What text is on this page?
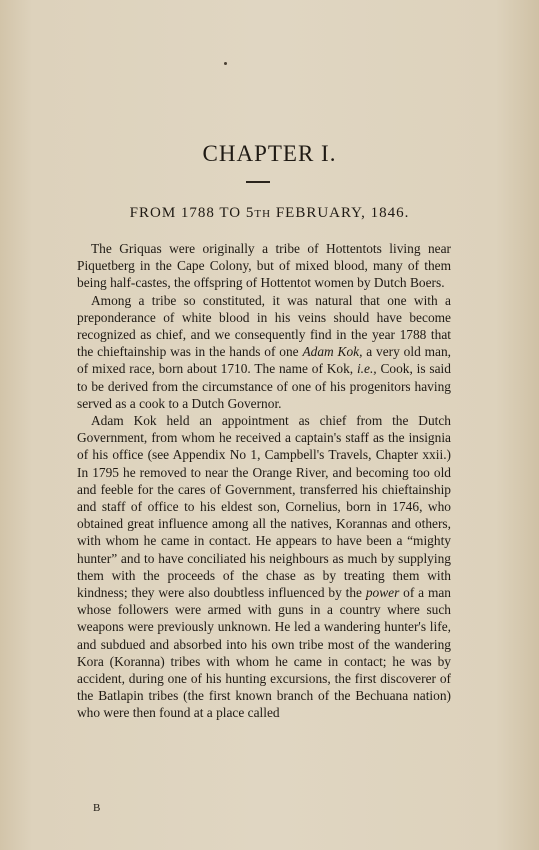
CHAPTER I.
FROM 1788 TO 5TH FEBRUARY, 1846.

The Griquas were originally a tribe of Hottentots living near Piquetberg in the Cape Colony, but of mixed blood, many of them being half-castes, the offspring of Hottentot women by Dutch Boers.

Among a tribe so constituted, it was natural that one with a preponderance of white blood in his veins should have become recognized as chief, and we consequently find in the year 1788 that the chieftainship was in the hands of one Adam Kok, a very old man, of mixed race, born about 1710. The name of Kok, i.e., Cook, is said to be derived from the circumstance of one of his progenitors having served as a cook to a Dutch Governor.

Adam Kok held an appointment as chief from the Dutch Government, from whom he received a captain's staff as the insignia of his office (see Appendix No 1, Campbell's Travels, Chapter xxii.) In 1795 he removed to near the Orange River, and becoming too old and feeble for the cares of Government, transferred his chieftainship and staff of office to his eldest son, Cornelius, born in 1746, who obtained great influence among all the natives, Korannas and others, with whom he came in contact. He appears to have been a “mighty hunter” and to have conciliated his neighbours as much by supplying them with the proceeds of the chase as by treating them with kindness; they were also doubtless influenced by the power of a man whose followers were armed with guns in a country where such weapons were previously unknown. He led a wandering hunter's life, and subdued and absorbed into his own tribe most of the wandering Kora (Koranna) tribes with whom he came in contact; he was by accident, during one of his hunting excursions, the first discoverer of the Batlapin tribes (the first known branch of the Bechuana nation) who were then found at a place called

B
